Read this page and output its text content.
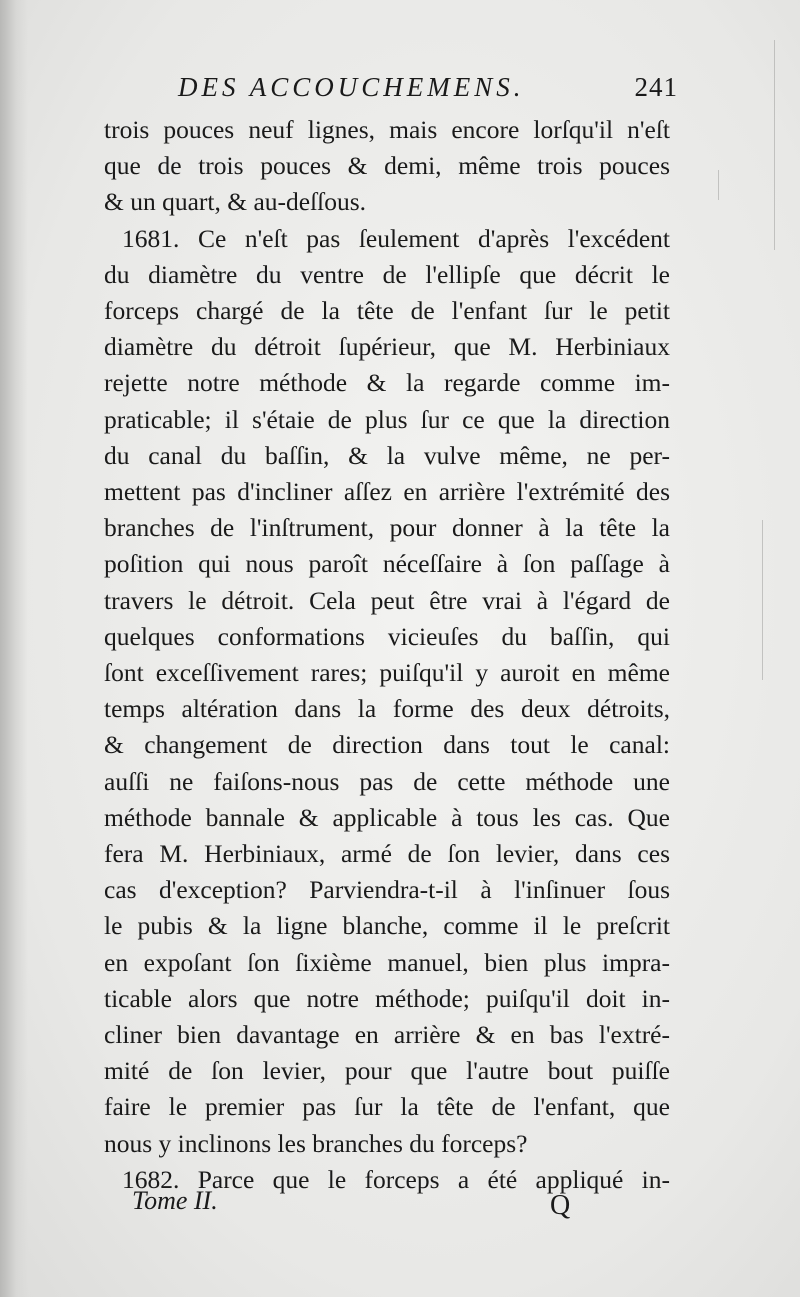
DES ACCOUCHEMENS.	241
trois pouces neuf lignes, mais encore lorſqu'il n'eſt
que de trois pouces & demi, même trois pouces
& un quart, & au-deſſous.
1681. Ce n'eſt pas ſeulement d'après l'excédent
du diamètre du ventre de l'ellipſe que décrit le
forceps chargé de la tête de l'enfant ſur le petit
diamètre du détroit ſupérieur, que M. Herbiniaux
rejette notre méthode & la regarde comme im-
praticable; il s'étaie de plus ſur ce que la direction
du canal du baſſin, & la vulve même, ne per-
mettent pas d'incliner aſſez en arrière l'extrémité des
branches de l'inſtrument, pour donner à la tête la
poſition qui nous paroît néceſſaire à ſon paſſage à
travers le détroit. Cela peut être vrai à l'égard de
quelques conformations vicieuſes du baſſin, qui
ſont exceſſivement rares; puiſqu'il y auroit en même
temps altération dans la forme des deux détroits,
& changement de direction dans tout le canal:
auſſi ne faiſons-nous pas de cette méthode une
méthode bannale & applicable à tous les cas. Que
fera M. Herbiniaux, armé de ſon levier, dans ces
cas d'exception? Parviendra-t-il à l'inſinuer ſous
le pubis & la ligne blanche, comme il le preſcrit
en expoſant ſon ſixième manuel, bien plus impra-
ticable alors que notre méthode; puiſqu'il doit in-
cliner bien davantage en arrière & en bas l'extré-
mité de ſon levier, pour que l'autre bout puiſſe
faire le premier pas ſur la tête de l'enfant, que
nous y inclinons les branches du forceps?
1682. Parce que le forceps a été appliqué in-
Tome II.	Q
